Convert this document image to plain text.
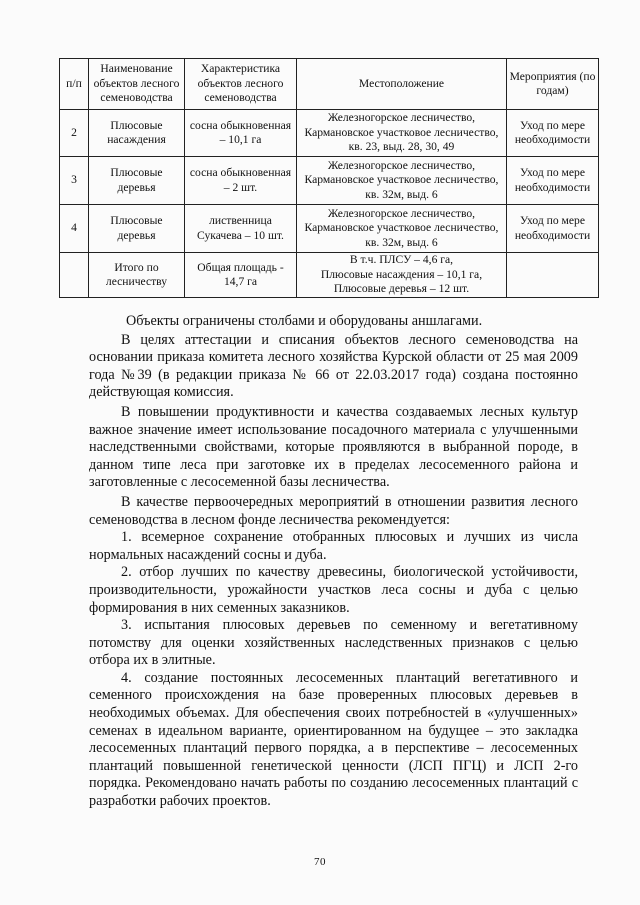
п/п	Наименование объектов лесного семеноводства	Характеристика объектов лесного семеноводства	Местоположение	Мероприятия (по годам)
2	Плюсовые насаждения	сосна обыкновенная – 10,1 га	Железногорское лесничество, Кармановское участковое лесничество, кв. 23, выд. 28, 30, 49	Уход по мере необходимости
3	Плюсовые деревья	сосна обыкновенная – 2 шт.	Железногорское лесничество, Кармановское участковое лесничество, кв. 32м, выд. 6	Уход по мере необходимости
4	Плюсовые деревья	лиственница Сукачева – 10 шт.	Железногорское лесничество, Кармановское участковое лесничество, кв. 32м, выд. 6	Уход по мере необходимости
	Итого по лесничеству	Общая площадь - 14,7 га	В т.ч. ПЛСУ – 4,6 га,
Плюсовые насаждения – 10,1 га,
Плюсовые деревья – 12 шт.	

Объекты ограничены столбами и оборудованы аншлагами.

В целях аттестации и списания объектов лесного семеноводства на основании приказа комитета лесного хозяйства Курской области от 25 мая 2009 года №39 (в редакции приказа № 66 от 22.03.2017 года) создана постоянно действующая комиссия.

В повышении продуктивности и качества создаваемых лесных культур важное значение имеет использование посадочного материала с улучшенными наследственными свойствами, которые проявляются в выбранной породе, в данном типе леса при заготовке их в пределах лесосеменного района и заготовленные с лесосеменной базы лесничества.

В качестве первоочередных мероприятий в отношении развития лесного семеноводства в лесном фонде лесничества рекомендуется:

1. всемерное сохранение отобранных плюсовых и лучших из числа нормальных насаждений сосны и дуба.

2. отбор лучших по качеству древесины, биологической устойчивости, производительности, урожайности участков леса сосны и дуба с целью формирования в них семенных заказников.

3. испытания плюсовых деревьев по семенному и вегетативному потомству для оценки хозяйственных наследственных признаков с целью отбора их в элитные.

4. создание постоянных лесосеменных плантаций вегетативного и семенного происхождения на базе проверенных плюсовых деревьев в необходимых объемах. Для обеспечения своих потребностей в «улучшенных» семенах в идеальном варианте, ориентированном на будущее – это закладка лесосеменных плантаций первого порядка, а в перспективе – лесосеменных плантаций повышенной генетической ценности (ЛСП ПГЦ) и ЛСП 2-го порядка. Рекомендовано начать работы по созданию лесосеменных плантаций с разработки рабочих проектов.

70
